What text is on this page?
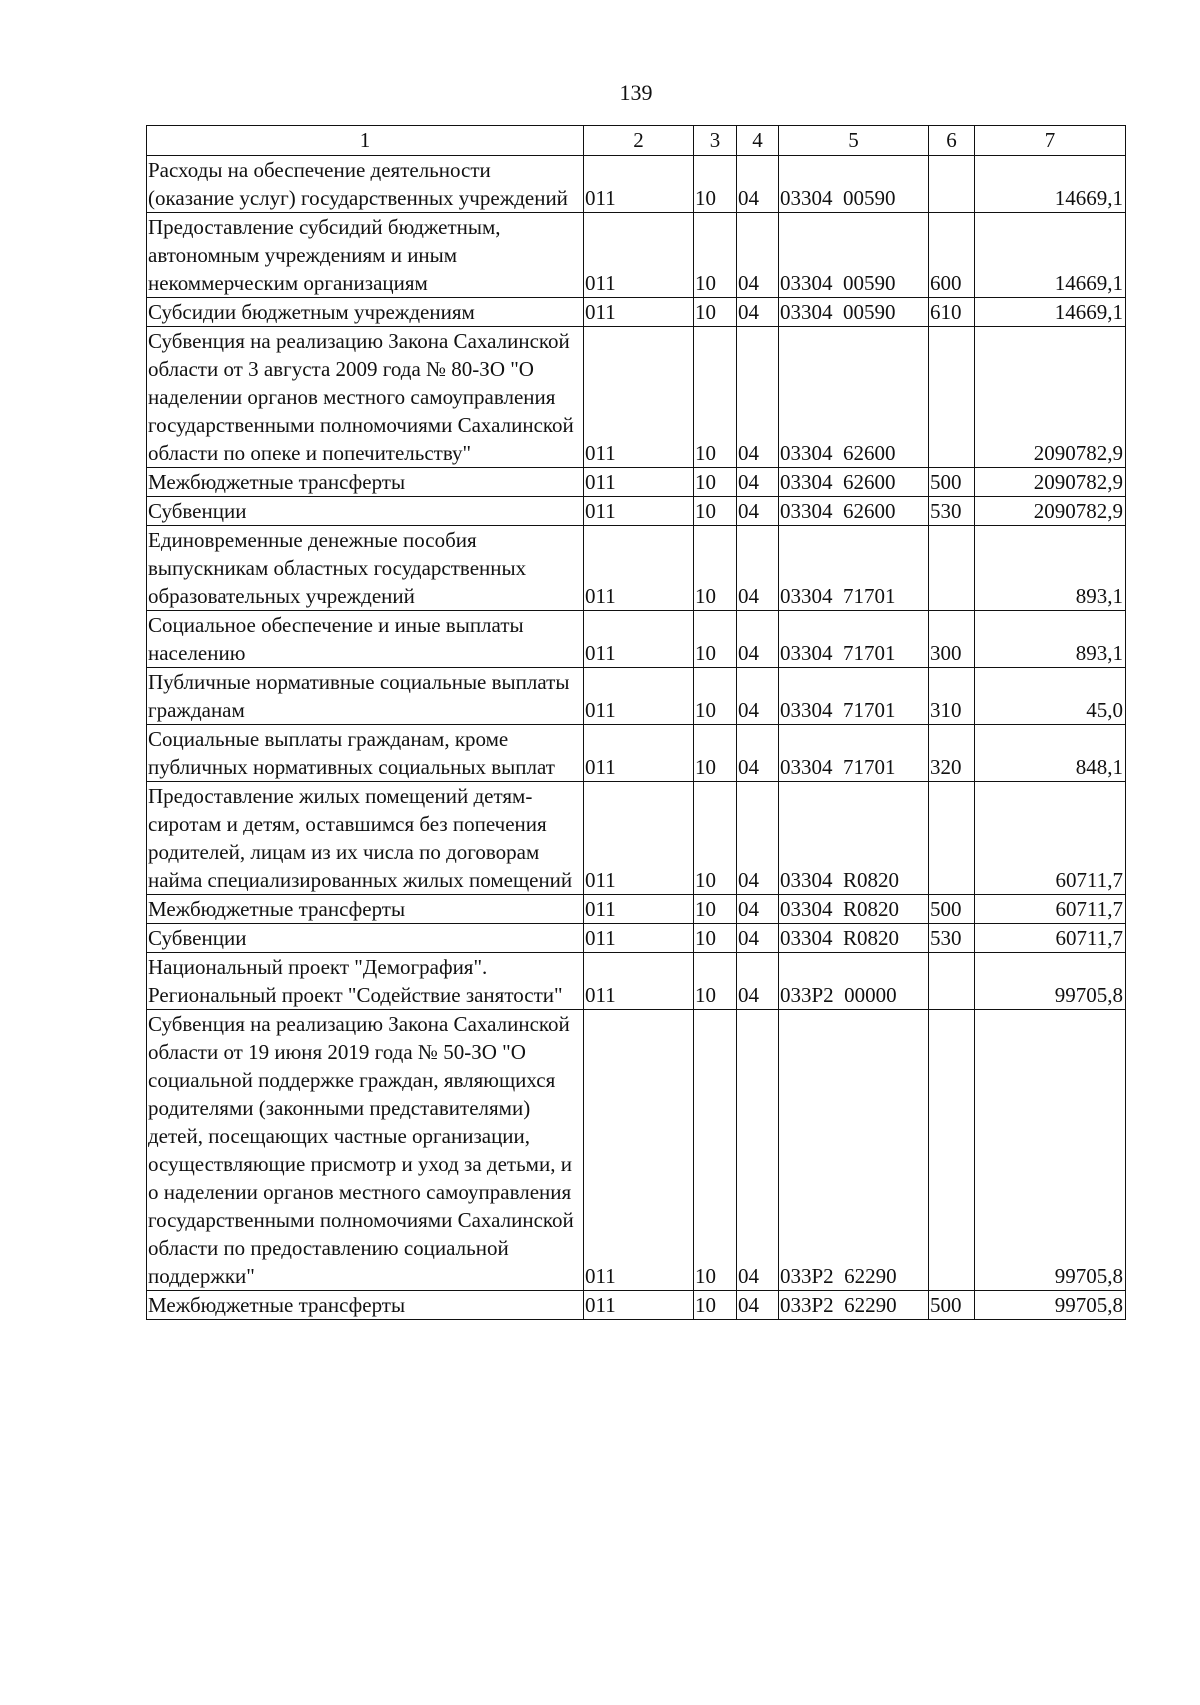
139
1	2	3	4	5	6	7
Расходы на обеспечение деятельности (оказание услуг) государственных учреждений	011	10	04	03304  00590		14669,1
Предоставление субсидий бюджетным, автономным учреждениям и иным некоммерческим организациям	011	10	04	03304  00590	600	14669,1
Субсидии бюджетным учреждениям	011	10	04	03304  00590	610	14669,1
Субвенция на реализацию Закона Сахалинской области от 3 августа 2009 года № 80-ЗО "О наделении органов местного самоуправления государственными полномочиями Сахалинской области по опеке и попечительству"	011	10	04	03304  62600		2090782,9
Межбюджетные трансферты	011	10	04	03304  62600	500	2090782,9
Субвенции	011	10	04	03304  62600	530	2090782,9
Единовременные денежные пособия выпускникам областных государственных образовательных учреждений	011	10	04	03304  71701		893,1
Социальное обеспечение и иные выплаты населению	011	10	04	03304  71701	300	893,1
Публичные нормативные социальные выплаты гражданам	011	10	04	03304  71701	310	45,0
Социальные выплаты гражданам, кроме публичных нормативных социальных выплат	011	10	04	03304  71701	320	848,1
Предоставление жилых помещений детям-сиротам и детям, оставшимся без попечения родителей, лицам из их числа по договорам найма специализированных жилых помещений	011	10	04	03304  R0820		60711,7
Межбюджетные трансферты	011	10	04	03304  R0820	500	60711,7
Субвенции	011	10	04	03304  R0820	530	60711,7
Национальный проект "Демография". Региональный проект "Содействие занятости"	011	10	04	033P2  00000		99705,8
Субвенция на реализацию Закона Сахалинской области от 19 июня 2019 года № 50-ЗО "О социальной поддержке граждан, являющихся родителями (законными представителями) детей, посещающих частные организации, осуществляющие присмотр и уход за детьми, и о наделении органов местного самоуправления государственными полномочиями Сахалинской области по предоставлению социальной поддержки"	011	10	04	033P2  62290		99705,8
Межбюджетные трансферты	011	10	04	033P2  62290	500	99705,8
